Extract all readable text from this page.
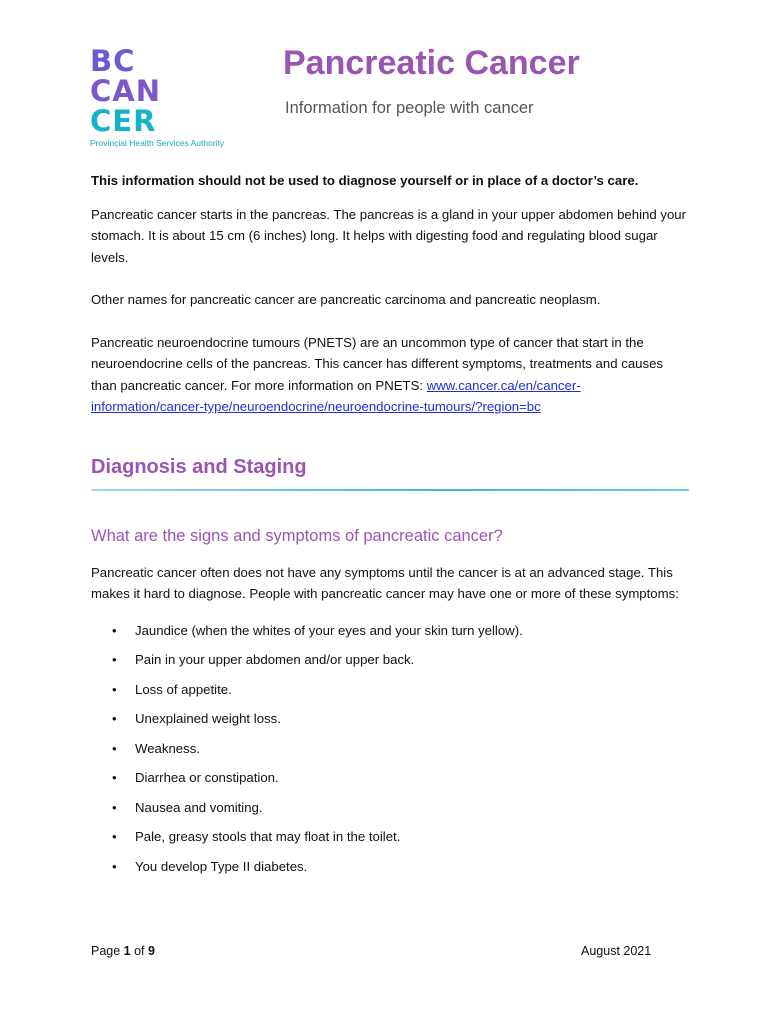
BC
CAN
CER
Provincial Health Services Authority
Pancreatic Cancer
Information for people with cancer

This information should not be used to diagnose yourself or in place of a doctor’s care.

Pancreatic cancer starts in the pancreas. The pancreas is a gland in your upper abdomen behind your stomach. It is about 15 cm (6 inches) long. It helps with digesting food and regulating blood sugar levels.

Other names for pancreatic cancer are pancreatic carcinoma and pancreatic neoplasm.

Pancreatic neuroendocrine tumours (PNETS) are an uncommon type of cancer that start in the neuroendocrine cells of the pancreas. This cancer has different symptoms, treatments and causes than pancreatic cancer. For more information on PNETS: www.cancer.ca/en/cancer-information/cancer-type/neuroendocrine/neuroendocrine-tumours/?region=bc

Diagnosis and Staging
What are the signs and symptoms of pancreatic cancer?

Pancreatic cancer often does not have any symptoms until the cancer is at an advanced stage. This makes it hard to diagnose. People with pancreatic cancer may have one or more of these symptoms:

• Jaundice (when the whites of your eyes and your skin turn yellow).
• Pain in your upper abdomen and/or upper back.
• Loss of appetite.
• Unexplained weight loss.
• Weakness.
• Diarrhea or constipation.
• Nausea and vomiting.
• Pale, greasy stools that may float in the toilet.
• You develop Type II diabetes.
Page 1 of 9	August 2021
